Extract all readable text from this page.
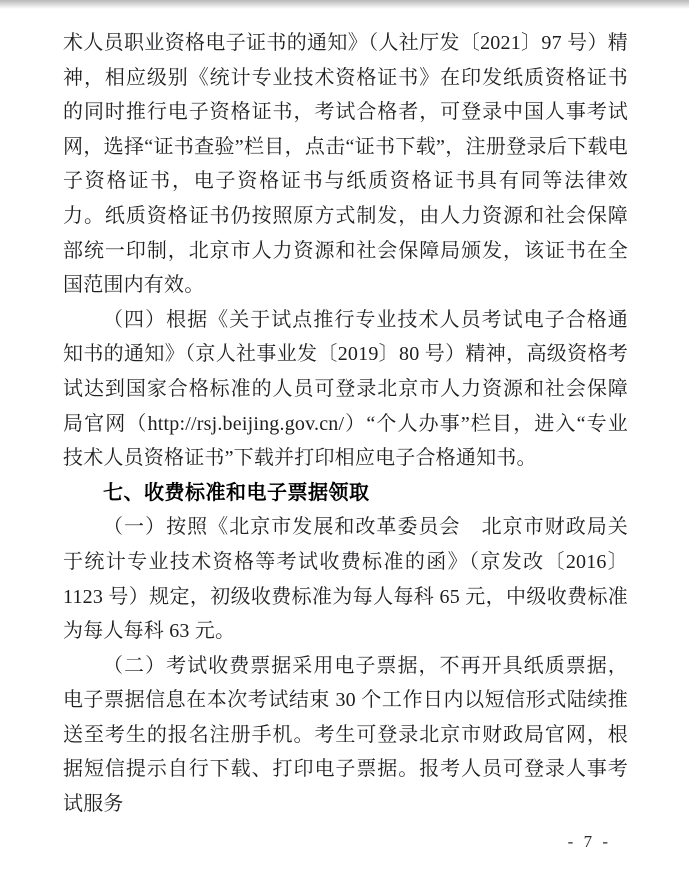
术人员职业资格电子证书的通知》（人社厅发〔2021〕97 号）精神，相应级别《统计专业技术资格证书》在印发纸质资格证书的同时推行电子资格证书，考试合格者，可登录中国人事考试网，选择“证书查验”栏目，点击“证书下载”，注册登录后下载电子资格证书，电子资格证书与纸质资格证书具有同等法律效力。纸质资格证书仍按照原方式制发，由人力资源和社会保障部统一印制，北京市人力资源和社会保障局颁发，该证书在全国范围内有效。

（四）根据《关于试点推行专业技术人员考试电子合格通知书的通知》（京人社事业发〔2019〕80 号）精神，高级资格考试达到国家合格标准的人员可登录北京市人力资源和社会保障局官网（http://rsj.beijing.gov.cn/）“个人办事”栏目，进入“专业技术人员资格证书”下载并打印相应电子合格通知书。

七、收费标准和电子票据领取

（一）按照《北京市发展和改革委员会　北京市财政局关于统计专业技术资格等考试收费标准的函》（京发改〔2016〕1123 号）规定，初级收费标准为每人每科 65 元，中级收费标准为每人每科 63 元。

（二）考试收费票据采用电子票据，不再开具纸质票据，电子票据信息在本次考试结束 30 个工作日内以短信形式陆续推送至考生的报名注册手机。考生可登录北京市财政局官网，根据短信提示自行下载、打印电子票据。报考人员可登录人事考试服务

- 7 -
